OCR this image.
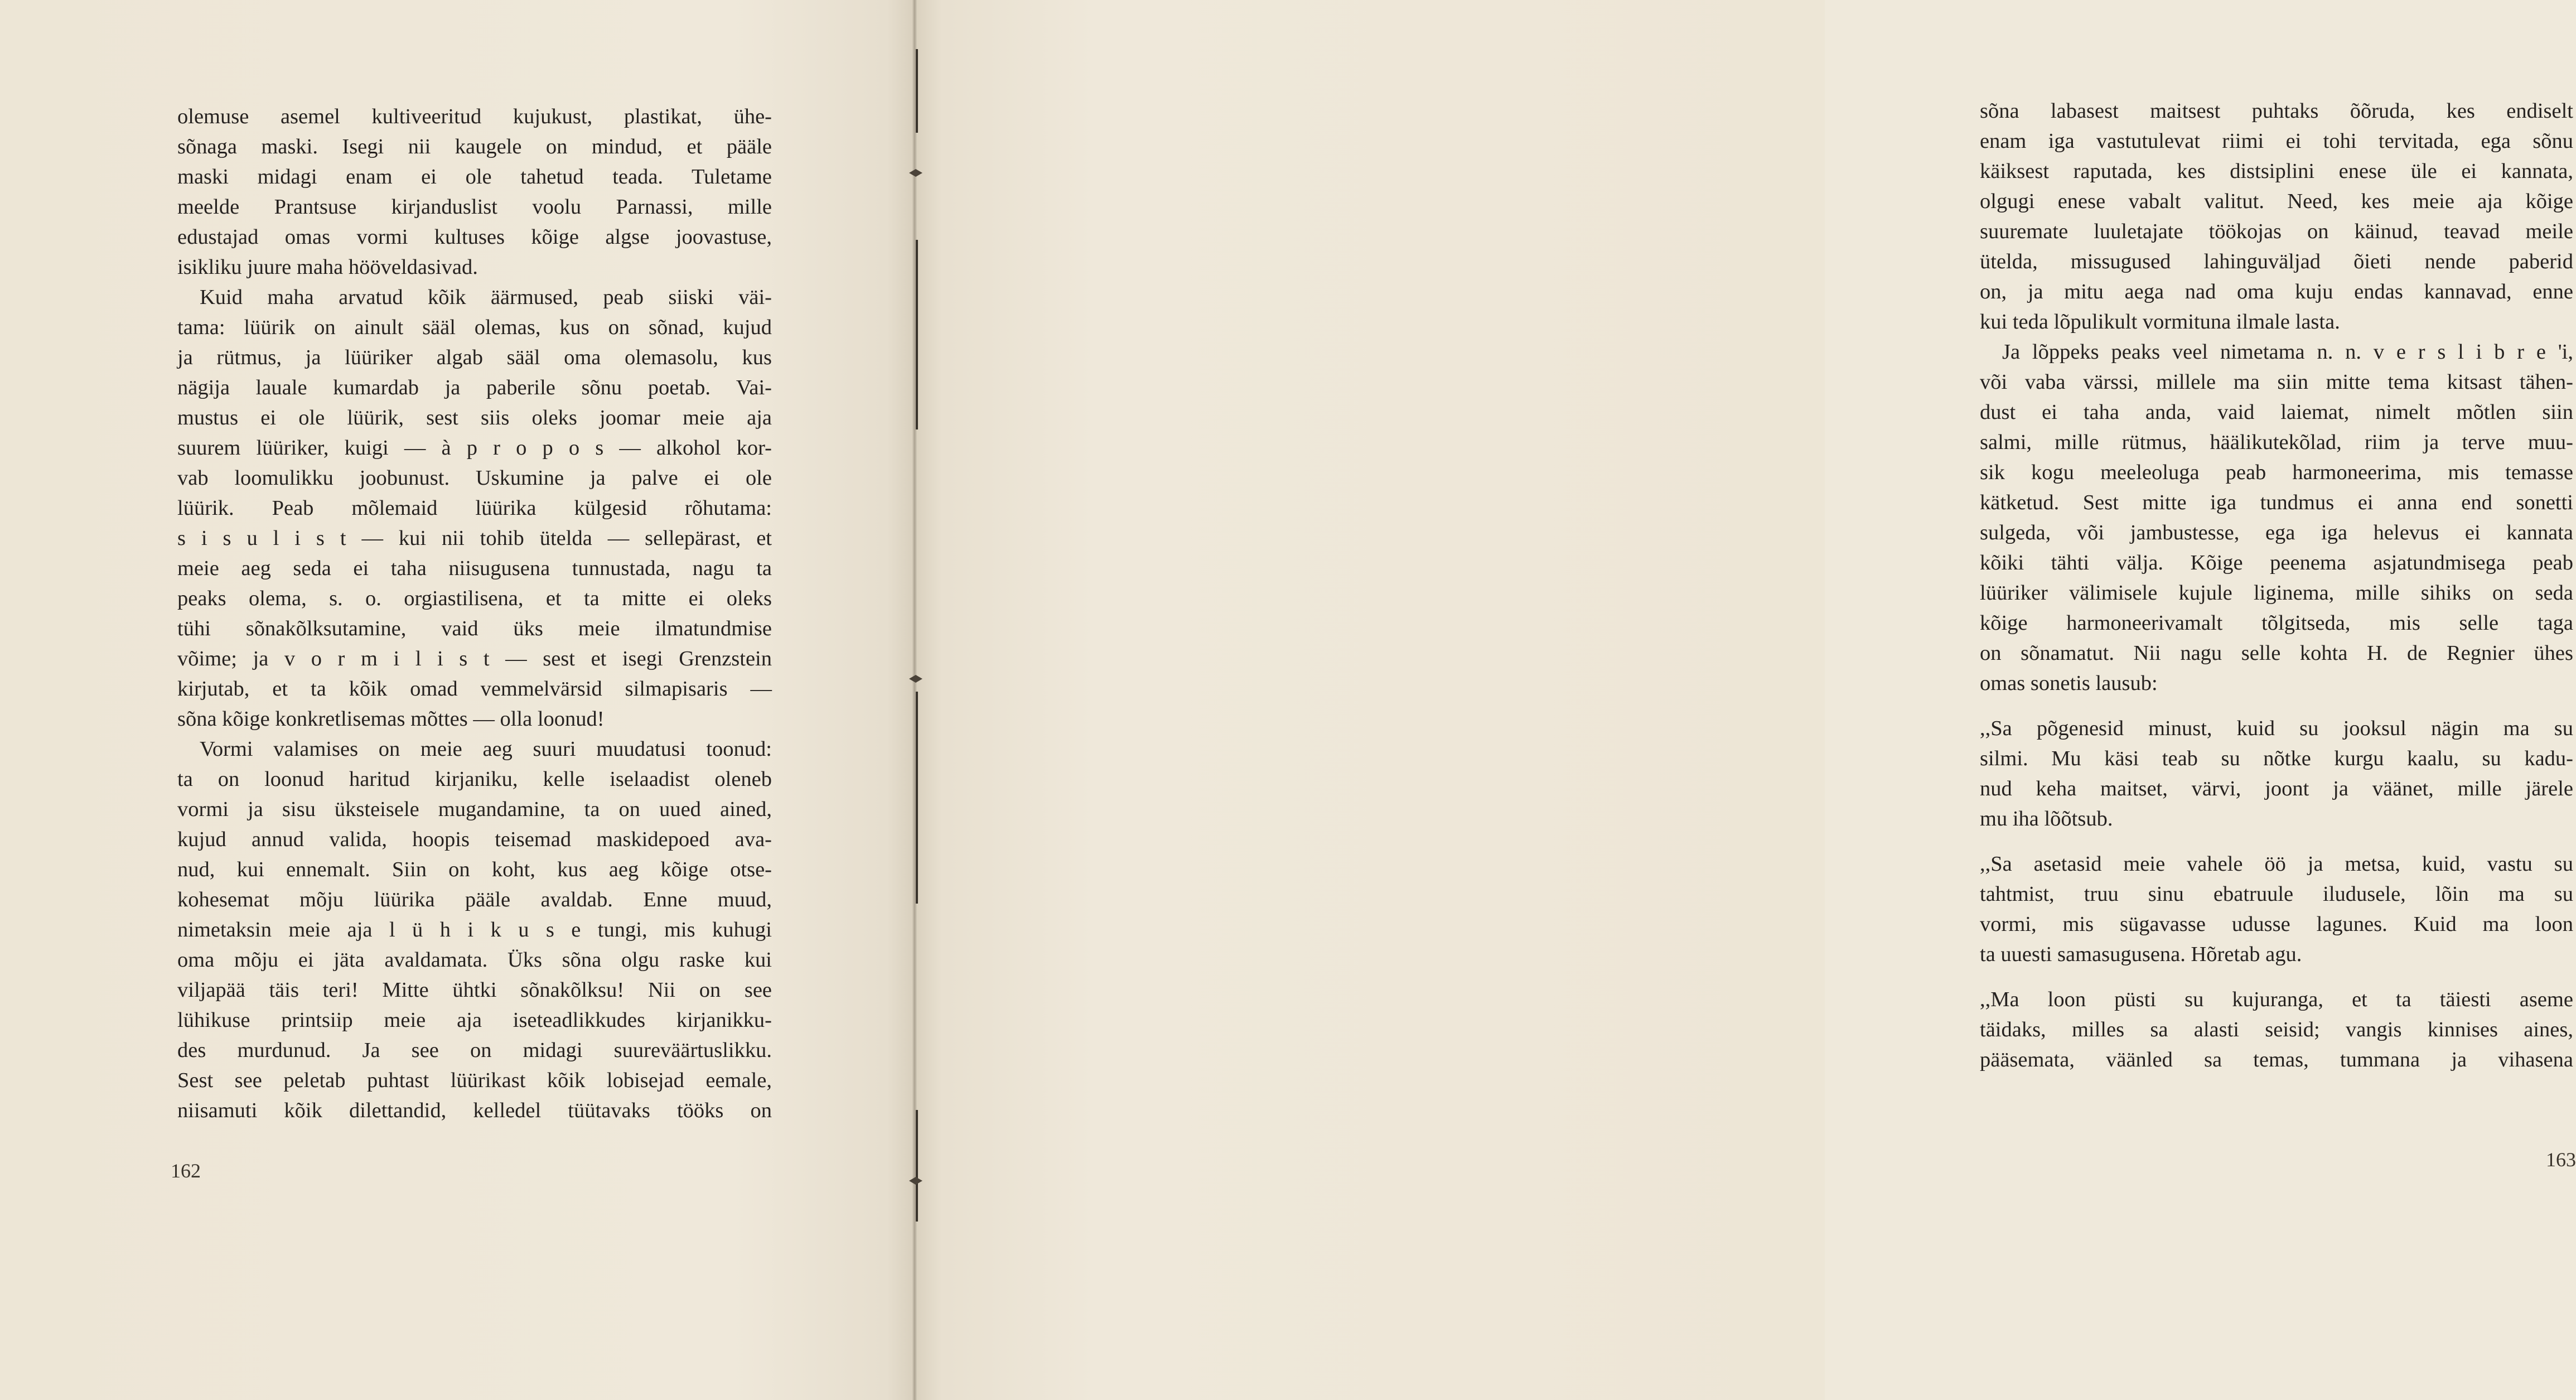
olemuse asemel kultiveeritud kujukust, plastikat, ühe-
sõnaga maski. Isegi nii kaugele on mindud, et pääle
maski midagi enam ei ole tahetud teada. Tuletame
meelde Prantsuse kirjanduslist voolu Parnassi, mille
edustajad omas vormi kultuses kõige algse joovastuse,
isikliku juure maha hööveldasivad.
Kuid maha arvatud kõik äärmused, peab siiski väi-
tama: lüürik on ainult sääl olemas, kus on sõnad, kujud
ja rütmus, ja lüüriker algab sääl oma olemasolu, kus
nägija lauale kumardab ja paberile sõnu poetab. Vai-
mustus ei ole lüürik, sest siis oleks joomar meie aja
suurem lüüriker, kuigi — à p r o p o s — alkohol kor-
vab loomulikku joobunust. Uskumine ja palve ei ole
lüürik. Peab mõlemaid lüürika külgesid rõhutama:
s i s u l i s t — kui nii tohib ütelda — sellepärast, et
meie aeg seda ei taha niisugusena tunnustada, nagu ta
peaks olema, s. o. orgiastilisena, et ta mitte ei oleks
tühi sõnakõlksutamine, vaid üks meie ilmatundmise
võime; ja v o r m i l i s t — sest et isegi Grenzstein
kirjutab, et ta kõik omad vemmelvärsid silmapisaris —
sõna kõige konkretlisemas mõttes — olla loonud!
Vormi valamises on meie aeg suuri muudatusi toonud:
ta on loonud haritud kirjaniku, kelle iselaadist oleneb
vormi ja sisu üksteisele mugandamine, ta on uued ained,
kujud annud valida, hoopis teisemad maskidepoed ava-
nud, kui ennemalt. Siin on koht, kus aeg kõige otse-
kohesemat mõju lüürika pääle avaldab. Enne muud,
nimetaksin meie aja l ü h i k u s e tungi, mis kuhugi
oma mõju ei jäta avaldamata. Üks sõna olgu raske kui
viljapää täis teri! Mitte ühtki sõnakõlksu! Nii on see
lühikuse printsiip meie aja iseteadlikkudes kirjanikku-
des murdunud. Ja see on midagi suureväärtuslikku.
Sest see peletab puhtast lüürikast kõik lobisejad eemale,
niisamuti kõik dilettandid, kelledel tüütavaks tööks on
162
sõna labasest maitsest puhtaks õõruda, kes endiselt
enam iga vastutulevat riimi ei tohi tervitada, ega sõnu
käiksest raputada, kes distsiplini enese üle ei kannata,
olgugi enese vabalt valitut. Need, kes meie aja kõige
suuremate luuletajate töökojas on käinud, teavad meile
ütelda, missugused lahinguväljad õieti nende paberid
on, ja mitu aega nad oma kuju endas kannavad, enne
kui teda lõpulikult vormituna ilmale lasta.
Ja lõppeks peaks veel nimetama n. n. v e r s l i b r e 'i,
või vaba värssi, millele ma siin mitte tema kitsast tähen-
dust ei taha anda, vaid laiemat, nimelt mõtlen siin
salmi, mille rütmus, häälikutekõlad, riim ja terve muu-
sik kogu meeleoluga peab harmoneerima, mis temasse
kätketud. Sest mitte iga tundmus ei anna end sonetti
sulgeda, või jambustesse, ega iga helevus ei kannata
kõiki tähti välja. Kõige peenema asjatundmisega peab
lüüriker välimisele kujule liginema, mille sihiks on seda
kõige harmoneerivamalt tõlgitseda, mis selle taga
on sõnamatut. Nii nagu selle kohta H. de Regnier ühes
omas sonetis lausub:
,,Sa põgenesid minust, kuid su jooksul nägin ma su
silmi. Mu käsi teab su nõtke kurgu kaalu, su kadu-
nud keha maitset, värvi, joont ja väänet, mille järele
mu iha lõõtsub.
,,Sa asetasid meie vahele öö ja metsa, kuid, vastu su
tahtmist, truu sinu ebatruule iludusele, lõin ma su
vormi, mis sügavasse udusse lagunes. Kuid ma loon
ta uuesti samasugusena. Hõretab agu.
,,Ma loon püsti su kujuranga, et ta täiesti aseme
täidaks, milles sa alasti seisid; vangis kinnises aines,
pääsemata, väänled sa temas, tummana ja vihasena
163
